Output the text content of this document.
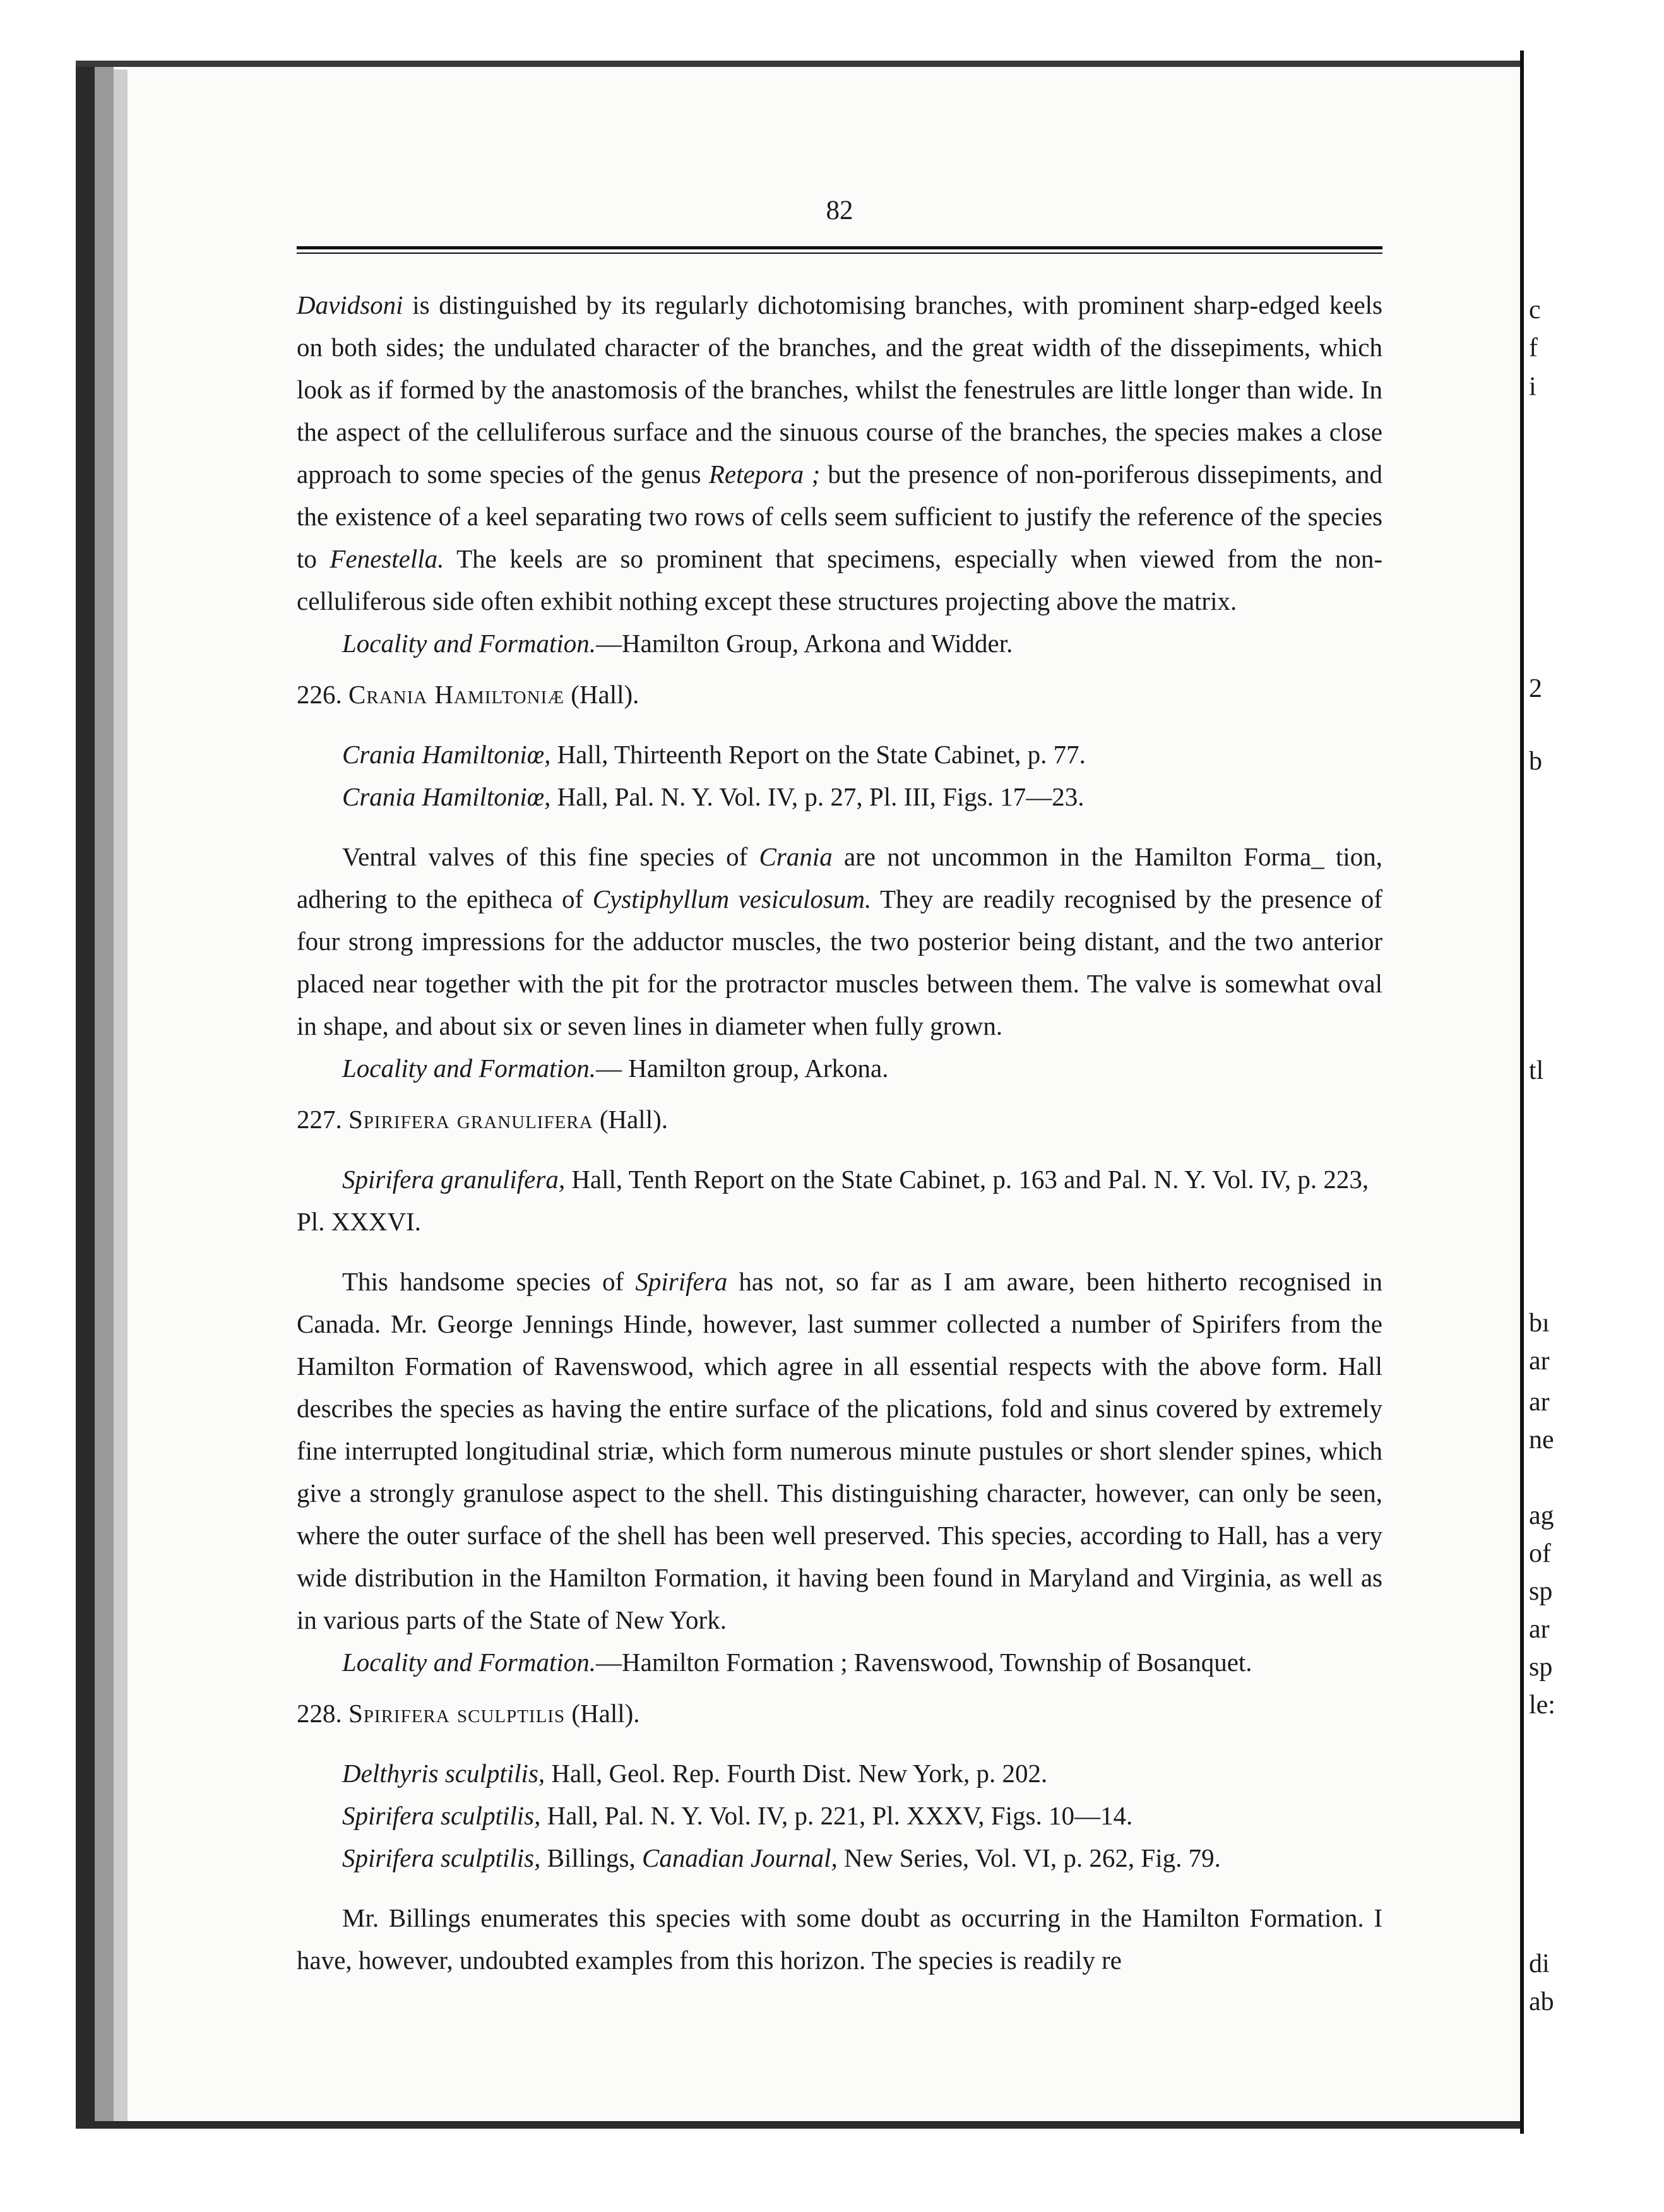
c
f
i
2
b
tl
bı
ar
ar
ne
ag
of
sp
ar
sp
le:
di
ab
82

Davidsoni is distinguished by its regularly dichotomising branches, with prominent sharp-edged keels on both sides; the undulated character of the branches, and the great width of the dissepiments, which look as if formed by the anastomosis of the branches, whilst the fenestrules are little longer than wide. In the aspect of the celluliferous surface and the sinuous course of the branches, the species makes a close approach to some species of the genus Retepora ; but the presence of non-poriferous dissepiments, and the existence of a keel separating two rows of cells seem sufficient to justify the reference of the species to Fenestella. The keels are so prominent that specimens, especially when viewed from the non-celluliferous side often exhibit nothing except these structures projecting above the matrix.

Locality and Formation.—Hamilton Group, Arkona and Widder.

226. Crania Hamiltoniæ (Hall).

Crania Hamiltoniœ, Hall, Thirteenth Report on the State Cabinet, p. 77.

Crania Hamiltoniœ, Hall, Pal. N. Y. Vol. IV, p. 27, Pl. III, Figs. 17—23.

Ventral valves of this fine species of Crania are not uncommon in the Hamilton Forma_ tion, adhering to the epitheca of Cystiphyllum vesiculosum. They are readily recognised by the presence of four strong impressions for the adductor muscles, the two posterior being distant, and the two anterior placed near together with the pit for the protractor muscles between them. The valve is somewhat oval in shape, and about six or seven lines in diameter when fully grown.

Locality and Formation.— Hamilton group, Arkona.

227. Spirifera granulifera (Hall).

Spirifera granulifera, Hall, Tenth Report on the State Cabinet, p. 163 and Pal. N. Y. Vol. IV, p. 223, Pl. XXXVI.

This handsome species of Spirifera has not, so far as I am aware, been hitherto recognised in Canada. Mr. George Jennings Hinde, however, last summer collected a number of Spirifers from the Hamilton Formation of Ravenswood, which agree in all essential respects with the above form. Hall describes the species as having the entire surface of the plications, fold and sinus covered by extremely fine interrupted longitudinal striæ, which form numerous minute pustules or short slender spines, which give a strongly granulose aspect to the shell. This distinguishing character, however, can only be seen, where the outer surface of the shell has been well preserved. This species, according to Hall, has a very wide distribution in the Hamilton Formation, it having been found in Maryland and Virginia, as well as in various parts of the State of New York.

Locality and Formation.—Hamilton Formation ; Ravenswood, Township of Bosanquet.

228. Spirifera sculptilis (Hall).

Delthyris sculptilis, Hall, Geol. Rep. Fourth Dist. New York, p. 202.

Spirifera sculptilis, Hall, Pal. N. Y. Vol. IV, p. 221, Pl. XXXV, Figs. 10—14.

Spirifera sculptilis, Billings, Canadian Journal, New Series, Vol. VI, p. 262, Fig. 79.

Mr. Billings enumerates this species with some doubt as occurring in the Hamilton Formation. I have, however, undoubted examples from this horizon. The species is readily re
